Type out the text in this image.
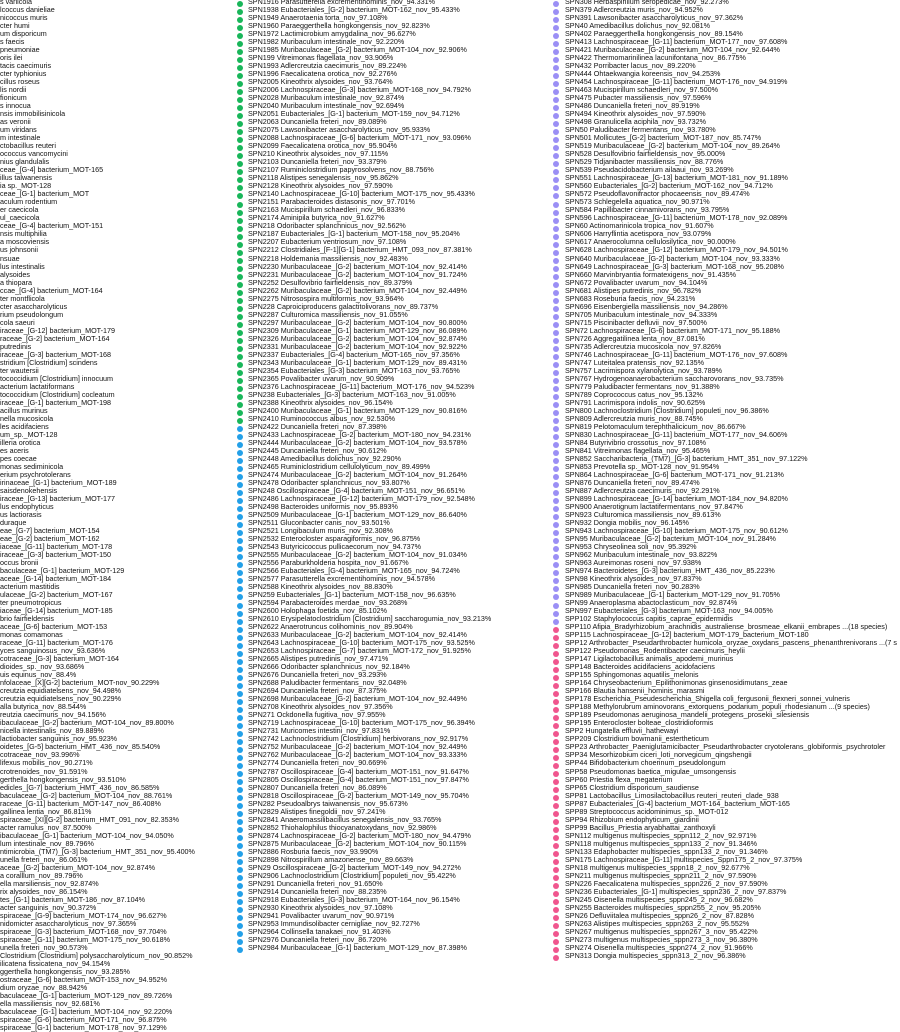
s variicola
lcoccus danieliae
nicoccus muris
cter humi
um disporicum
s faecis
pneumoniae
oris ilei
tacis caecimuris
cter typhionius
cillus roseus
lis nordii
fionicum
s innocua
nsis immobilisinicola
as veronii
um viridans
m intestinale
ctobacillus reuteri
ococcus vancomycini
nius glandulalis
ceae_[G-4] bacterium_MOT-165
illus talwanensis
ia sp._MOT-128
ceae_[G-1] bacterium_MOT
aculum rodentium
er caecicola
ul_caecicola
ceae_[G-4] bacterium_MOT-151
nsis multiphilia
a moscoviensis
us johnsonii
nsuae
lus intestinalis
alysoides
a thiopara
ccae_[G-4] bacterium_MOT-164
ter montflicola
cter asaccharolyticus
rium pseudolongum
cola saeuri
iraceae_[G-12] bacterium_MOT-179
raceae_[G-2] bacterium_MOT-164
putredinis
iraceae_[G-3] bacterium_MOT-168
stridium [Clostridium] scindens
ter wautersii
tococcidium [Clostridium] innocuum
acterium lactatiformans
tococcidium [Clostridium] cocleatum
iraceae_[G-1] bacterium_MOT-198
acillus murinus
nella mucosicola
les acidifaciens
um_sp._MOT-128
illeria orotica
es aceris
pes coecae
monas sediminicola
erium psychrotolerans
irinaceae_[G-1] bacterium_MOT-189
saisdenokehensis
iraceae_[G-13] bacterium_MOT-177
lus endophyticus
us lactiorasis
duraque
eae_[G-7] bacterium_MOT-154
eae_[G-2] bacterium_MOT-162
iaceae_[G-11] bacterium_MOT-178
iraceae_[G-3] bacterium_MOT-150
occus bronii
baculaceae_[G-1] bacterium_MOT-129
aceae_[G-14] bacterium_MOT-184
acterium mastitidis
ulaceae_[G-2] bacterium_MOT-167
ter pneumotropicus
iaceae_[G-14] bacterium_MOT-185
brio fairfieldensis
aceae_[G-6] bacterium_MOT-153
monas comamonas
raceae_[G-11] bacterium_MOT-176
yces sanguinosus_nov_93.636%
cotraceae_[G-3] bacterium_MOT-164
dioides_sp._nov_93.686%
uis equinus_nov_88.4%
nfolaceae_[X][G-2] bacterium_MOT-nov_90.229%
creutzia equidiatelsens_nov_94.498%
creutzia equidiatelsens_nov_90.229%
alla butyrica_nov_88.544%
reutzia caecimuris_nov_94.156%
ibaculaceae_[G-2] bacterium_MOT-104_nov_89.800%
nicella intestinalis_nov_89.889%
lactiobacter sanguinis_nov_95.923%
oidetes_[G-5] bacterium_HMT_436_nov_85.540%
cotraceae_nov_93.996%
lifexus mobilis_nov_90.271%
crotrenoides_nov_91.591%
gerthella hongkongensis_nov_93.510%
edicles_[G-7] bacterium_HMT_436_nov_86.585%
baculaceae_[G-2] bacterium_MOT-104_nov_88.761%
raceae_[G-11] bacterium_MOT-147_nov_86.408%
gallinea lentia_nov_86.811%
spiraceae_[XI][G-2] bacterium_HMT_091_nov_82.353%
acter ramulus_nov_87.500%
ibaculaceae_[G-1] bacterium_MOT-104_nov_94.050%
lum intestinale_nov_89.796%
ntimicrobia_(TM7)_[G-3] bacterium_HMT_351_nov_95.400%
unella freteri_nov_86.061%
aceae_[G-2] bacterium_MOT-104_nov_92.874%
a coralllum_nov_89.796%
ella marsiliensis_nov_92.874%
rix alysoides_nov_86.154%
tes_[G-1] bacterium_MOT-186_nov_87.104%
acter sanguinis_nov_90.372%
spiraceae_[G-9] bacterium_MOT-174_nov_96.627%
nidomicter asaccharolyticus_nov_97.365%
spiraceae_[G-3] bacterium_MOT-168_nov_97.704%
spiraceae_[G-11] bacterium_MOT-175_nov_90.618%
unella freteri_nov_90.573%
Clostridium [Clostridium] polysaccharolyticum_nov_90.852%
ilicatena fissicatena_nov_94.154%
ggerthella hongkongensis_nov_93.285%
ostraceae_[G-6] bacterium_MOT-153_nov_94.952%
dium oryzae_nov_88.942%
baculaceae_[G-1] bacterium_MOT-129_nov_89.726%
ella massiliensis_nov_92.681%
baculaceae_[G-1] bacterium_MOT-104_nov_92.220%
spiraceae_[G-6] bacterium_MOT-171_nov_96.875%
spiraceae_[G-1] bacterium_MOT-178_nov_97.129%
SPN1916 Parasutterella excrementihominis_nov_94.331%
SPN1938 Eubacteriales_[G-2] bacterium_MOT-162_nov_95.433%
SPN1949 Anaerotaenia torta_nov_97.108%
SPN1960 Paraeggerthella hongkongensis_nov_92.823%
SPN1972 Lactimicrobium amygdalina_nov_96.627%
SPN1982 Muribaculum intestinale_nov_92.220%
SPN1985 Muribaculaceae_[G-2] bacterium_MOT-104_nov_92.906%
SPN199 Vitreimonas flagellata_nov_93.906%
SPN1993 Adlercreutzia caecimuris_nov_89.224%
SPN1996 Faecalicatena orotica_nov_92.276%
SPN2005 Kineothrix alysoides_nov_93.764%
SPN2006 Lachnospiraceae_[G-3] bacterium_MOT-168_nov_94.792%
SPN2028 Muribaculum intestinale_nov_92.874%
SPN2040 Muribaculum intestinale_nov_92.694%
SPN2051 Eubacteriales_[G-1] bacterium_MOT-159_nov_94.712%
SPN2063 Duncaniella freteri_nov_89.089%
SPN2075 Lawsonibacter asaccharolyticus_nov_95.933%
SPN2088 Lachnospiraceae_[G-6] bacterium_MOT-171_nov_93.096%
SPN2099 Faecalicatena orotica_nov_95.904%
SPN210 Kineothrix alysoides_nov_97.115%
SPN2103 Duncaniella freteri_nov_93.379%
SPN2107 Ruminiclostridium papyrosolvens_nov_88.756%
SPN2118 Alistipes senegalensis_nov_95.862%
SPN2128 Kineothrix alysoides_nov_97.590%
SPN2140 Lachnospiraceae_[G-10] bacterium_MOT-175_nov_95.433%
SPN2151 Parabacteroides distasonis_nov_97.701%
SPN2163 Mucispirillum schaedleri_nov_96.833%
SPN2174 Aminipila butyrica_nov_91.627%
SPN218 Odoribacter splanchnicus_nov_92.562%
SPN2187 Eubacteriales_[G-1] bacterium_MOT-158_nov_95.204%
SPN2207 Eubacterium ventriosum_nov_97.108%
SPN2212 Clostridiales_[F-1][G-1] bacterium_HMT_093_nov_87.381%
SPN2218 Holdemania massiliensis_nov_92.483%
SPN2230 Muribaculaceae_[G-2] bacterium_MOT-104_nov_92.414%
SPN2231 Muribaculaceae_[G-2] bacterium_MOT-104_nov_91.724%
SPN2252 Desulfovibrio fairfieldensis_nov_89.379%
SPN2262 Muribaculaceae_[G-2] bacterium_MOT-104_nov_92.449%
SPN2275 Nitrosospira multiformis_nov_93.964%
SPN228 Caproiciproducens galactitolivorans_nov_89.737%
SPN2287 Culturomica massiliensis_nov_91.055%
SPN2297 Muribaculaceae_[G-2] bacterium_MOT-104_nov_90.800%
SPN2309 Muribaculaceae_[G-1] bacterium_MOT-129_nov_86.089%
SPN2326 Muribaculaceae_[G-2] bacterium_MOT-104_nov_92.874%
SPN2331 Muribaculaceae_[G-2] bacterium_MOT-104_nov_92.922%
SPN2337 Eubacteriales_[G-4] bacterium_MOT-165_nov_97.356%
SPN2343 Muribaculaceae_[G-1] bacterium_MOT-129_nov_89.431%
SPN2354 Eubacteriales_[G-3] bacterium_MOT-163_nov_93.765%
SPN2365 Povalibacter uvarum_nov_90.909%
SPN2376 Lachnospiraceae_[G-11] bacterium_MOT-176_nov_94.523%
SPN238 Eubacteriales_[G-3] bacterium_MOT-163_nov_91.005%
SPN2388 Kineothrix alysoides_nov_96.154%
SPN2400 Muribaculaceae_[G-1] bacterium_MOT-129_nov_90.816%
SPN2410 Ruminococcus albus_nov_92.530%
SPN2422 Duncaniella freteri_nov_87.398%
SPN2433 Lachnospiraceae_[G-2] bacterium_MOT-180_nov_94.231%
SPN2444 Muribaculaceae_[G-2] bacterium_MOT-104_nov_93.578%
SPN2445 Duncaniella freteri_nov_90.612%
SPN2448 Amedibacillus dolichus_nov_92.290%
SPN2465 Ruminiclostridium cellulolyticum_nov_89.499%
SPN2474 Muribaculaceae_[G-2] bacterium_MOT-104_nov_91.264%
SPN2478 Odoribacter splanchnicus_nov_93.807%
SPN248 Oscillospiraceae_[G-4] bacterium_MOT-151_nov_96.651%
SPN2486 Lachnospiraceae_[G-12] bacterium_MOT-179_nov_92.548%
SPN2498 Bacteroides uniformis_nov_95.893%
SPN2509 Muribaculaceae_[G-1] bacterium_MOT-129_nov_86.640%
SPN2511 Gluconbacter canis_nov_93.501%
SPN2521 Longibaculum muris_nov_92.308%
SPN2532 Enterocloster asparagiformis_nov_96.875%
SPN2543 Butyricicoccus pullicaecorum_nov_94.737%
SPN2555 Muribaculaceae_[G-2] bacterium_MOT-104_nov_91.034%
SPN2556 Paraburkholderia hospita_nov_91.667%
SPN2566 Eubacteriales_[G-4] bacterium_MOT-165_nov_94.724%
SPN2577 Parasutterella excrementihominis_nov_94.578%
SPN2588 Kineothrix alysoides_nov_88.830%
SPN259 Eubacteriales_[G-1] bacterium_MOT-158_nov_96.635%
SPN2594 Parabacteroides merdae_nov_93.268%
SPN2600 Holophaga foetida_nov_85.102%
SPN2610 Erysipelatoclostridium [Clostridium] saccharogumia_nov_93.213%
SPN2622 Anaerotruncus colihominis_nov_89.904%
SPN2633 Muribaculaceae_[G-2] bacterium_MOT-104_nov_92.414%
SPN2643 Lachnospiraceae_[G-10] bacterium_MOT-175_nov_93.525%
SPN2653 Lachnospiraceae_[G-7] bacterium_MOT-172_nov_91.925%
SPN2665 Alistipes putredinis_nov_97.471%
SPN2666 Odoribacter splanchnicus_nov_92.184%
SPN2676 Duncaniella freteri_nov_93.293%
SPN2688 Paludibacter fermentans_nov_92.048%
SPN2694 Duncaniella freteri_nov_87.375%
SPN2698 Muribaculaceae_[G-2] bacterium_MOT-104_nov_92.449%
SPN2708 Kineothrix alysoides_nov_97.356%
SPN271 Ockdonella fugitiva_nov_97.955%
SPN2719 Lachnospiraceae_[G-10] bacterium_MOT-175_nov_96.394%
SPN2731 Muricomes intestini_nov_97.831%
SPN2742 Lachnoclostridium [Clostridium] herbivorans_nov_92.917%
SPN2752 Muribaculaceae_[G-2] bacterium_MOT-104_nov_92.449%
SPN2762 Muribaculaceae_[G-2] bacterium_MOT-104_nov_93.333%
SPN2774 Duncaniella freteri_nov_90.669%
SPN2787 Oscillospiraceae_[G-4] bacterium_MOT-151_nov_91.647%
SPN2805 Oscillospiraceae_[G-4] bacterium_MOT-151_nov_97.847%
SPN2807 Duncaniella freteri_nov_86.089%
SPN2818 Oscillospiraceae_[G-2] bacterium_MOT-149_nov_95.704%
SPN282 Pseudoalbrys taiwanensis_nov_95.673%
SPN2829 Alistipes finegoldii_nov_97.241%
SPN2841 Anaeromassilibacillus senegalensis_nov_93.765%
SPN2852 Thiohalophilus thiocyanatoxydans_nov_92.986%
SPN2874 Lachnospiraceae_[G-2] bacterium_MOT-180_nov_94.479%
SPN2875 Muribaculaceae_[G-2] bacterium_MOT-104_nov_90.115%
SPN2886 Rosburia faecis_nov_93.990%
SPN2898 Nitrospirillum amazonense_nov_89.663%
SPN29 Oscillospiraceae_[G-2] bacterium_MOT-149_nov_94.272%
SPN2906 Lachnoclostridium [Clostridium] populeti_nov_95.422%
SPN291 Duncaniella freteri_nov_91.650%
SPN2914 Duncaniella freteri_nov_88.235%
SPN2918 Eubacteriales_[G-3] bacterium_MOT-164_nov_96.154%
SPN2930 Kineothrix alysoides_nov_97.108%
SPN2941 Povalibacter uvarum_nov_90.971%
SPN2953 Immundisolibacter cernigliae_nov_92.727%
SPN2964 Collinsella tanakaei_nov_91.403%
SPN2976 Duncaniella freteri_nov_86.720%
SPN2984 Muribaculaceae_[G-1] bacterium_MOT-129_nov_87.398%
SPN308 Herbaspirillum seropedicae_nov_92.273%
SPN379 Adlercreutzia muris_nov_94.952%
SPN391 Lawsonibacter asaccharolyticus_nov_97.362%
SPN40 Amedibacillus dolichus_nov_92.081%
SPN402 Paraeggerthella hongkongensis_nov_89.154%
SPN413 Lachnospiraceae_[G-11] bacterium_MOT-177_nov_97.608%
SPN421 Muribaculaceae_[G-2] bacterium_MOT-104_nov_92.644%
SPN422 Thermomarinilinea lacunifontana_nov_86.775%
SPN432 Porribacter lacus_nov_89.220%
SPN444 Ohtaekwangia koreensis_nov_94.253%
SPN454 Lachnospiraceae_[G-11] bacterium_MOT-176_nov_94.919%
SPN463 Mucispirillum schaedleri_nov_97.500%
SPN475 Pubacter massiliensis_nov_97.596%
SPN486 Duncaniella freteri_nov_89.919%
SPN494 Kineothrix alysoides_nov_97.590%
SPN498 Granulicella aciphila_nov_93.732%
SPN50 Paludibacter fermentans_nov_93.780%
SPN501 Mollicutes_[G-2] bacterium_MOT-187_nov_85.747%
SPN519 Muribaculaceae_[G-2] bacterium_MOT-104_nov_89.264%
SPN528 Desulfovibrio fairfieldensis_nov_95.000%
SPN529 Tidjanibacter massiliensis_nov_88.776%
SPN539 Pseudacidobacterium ailaaui_nov_93.269%
SPN551 Lachnospiraceae_[G-13] bacterium_MOT-181_nov_91.189%
SPN560 Eubacteriales_[G-2] bacterium_MOT-162_nov_94.712%
SPN572 Pseudoflavonifractor phocaeensis_nov_89.474%
SPN573 Schlegelella aquatica_nov_90.971%
SPN584 Papillibacter cinnamivorans_nov_93.795%
SPN596 Lachnospiraceae_[G-11] bacterium_MOT-178_nov_92.089%
SPN60 Actinomarinicola tropica_nov_91.607%
SPN606 Harryflintia acetispora_nov_93.079%
SPN617 Anaerocolumna cellulosilytica_nov_90.000%
SPN628 Lachnospiraceae_[G-12] bacterium_MOT-179_nov_94.501%
SPN640 Muribaculaceae_[G-2] bacterium_MOT-104_nov_93.333%
SPN649 Lachnospiraceae_[G-3] bacterium_MOT-168_nov_95.208%
SPN660 Marvinbryantia formatexigens_nov_91.435%
SPN672 Povalibacter uvarum_nov_94.104%
SPN681 Alistipes putredinis_nov_96.782%
SPN683 Roseburia faecis_nov_94.231%
SPN696 Eisenbergiella massiliensis_nov_94.286%
SPN705 Muribaculum intestinale_nov_94.333%
SPN715 Piscinibacter defluvii_nov_97.500%
SPN72 Lachnospiraceae_[G-6] bacterium_MOT-171_nov_95.188%
SPN726 Aggregatilinea lenta_nov_87.081%
SPN735 Adlercreutzia mucosicola_nov_97.826%
SPN746 Lachnospiraceae_[G-11] bacterium_MOT-176_nov_97.608%
SPN747 Luteitalea pratensis_nov_92.135%
SPN757 Lacrimispora xylanolytica_nov_93.789%
SPN767 Hydrogenoanaerobacterium saccharovorans_nov_93.735%
SPN779 Paludibacter fermentans_nov_91.388%
SPN789 Coprococcus catus_nov_95.132%
SPN791 Lacrimispora indolis_nov_90.625%
SPN800 Lachnoclostridium [Clostridium] populeti_nov_96.386%
SPN809 Adlercreutzia muris_nov_88.745%
SPN819 Pelotomaculum terephthalicicum_nov_86.667%
SPN830 Lachnospiraceae_[G-11] bacterium_MOT-177_nov_94.606%
SPN84 Butyrivibrio crossotus_nov_97.108%
SPN841 Vitreimonas flagellata_nov_95.465%
SPN852 Saccharibacteria_(TM7)_[G-3] bacterium_HMT_351_nov_97.122%
SPN853 Prevotella sp._MOT-128_nov_91.954%
SPN864 Lachnospiraceae_[G-6] bacterium_MOT-171_nov_91.213%
SPN876 Duncaniella freteri_nov_89.474%
SPN887 Adlercreutzia caecimuris_nov_92.291%
SPN899 Lachnospiraceae_[G-14] bacterium_MOT-184_nov_94.820%
SPN900 Anaerotignum lactatifermentans_nov_97.847%
SPN923 Culturomica massiliensis_nov_89.613%
SPN932 Dongia mobilis_nov_96.145%
SPN943 Lachnospiraceae_[G-10] bacterium_MOT-175_nov_90.612%
SPN95 Muribaculaceae_[G-2] bacterium_MOT-104_nov_91.284%
SPN953 Chryseolinea soli_nov_95.392%
SPN962 Muribaculum intestinale_nov_93.822%
SPN963 Aureimonas roseni_nov_97.938%
SPN974 Bacteroidetes_[G-3] bacterium_HMT_436_nov_85.223%
SPN98 Kineothrix alysoides_nov_97.837%
SPN985 Duncaniella freteri_nov_90.283%
SPN989 Muribaculaceae_[G-1] bacterium_MOT-129_nov_91.705%
SPN99 Anaeroplasma abactoclasticum_nov_92.874%
SPN997 Eubacteriales_[G-3] bacterium_MOT-163_nov_94.005%
SPP102 Staphylococcus capitis_caprae_epidermidis
SPP110 Afipia_Bradyrhizobium_arachnidis_australiense_brosmeae_elkanii_embrapes ...(18 species)
SPP115 Lachnospiraceae_[G-12] bacterium_MOT-179_bacterium_MOT-180
SPP12 Arthrobacter_Pseudarthrobacter humicola_oryzae_oxydans_pascens_phenanthrenivorans ...(7 s
SPP122 Pseudomonas_Rodentibacter caecimuris_heylii
SPP147 Ligilactobacillus animalis_apodemi_murinus
SPP148 Bacteroides acidifaciens_acidofaciens
SPP155 Sphingomonas aquatilis_melonis
SPP164 Chryseobacterium_Epilithonimonas ginsenosidimutans_zeae
SPP166 Blautia hansenii_hominis_marasmi
SPP178 Escherichia_Pseudescherichia_Shigella coli_fergusonii_flexneri_sonnei_vulneris
SPP188 Methylorubrum aminovorans_extorquens_podarium_populi_rhodesianum ...(9 species)
SPP189 Pseudomonas aeruginosa_mandelii_protegens_prosekii_silesiensis
SPP195 Enterocloster bolteae_clostridioformis
SPP2 Hungatella effluvii_hathewayi
SPP209 Clostridium bowmanii_estertheticum
SPP23 Arthrobacter_Paeniglutamicibacter_Pseudarthrobacter cryotolerans_globiformis_psychrotoler
SPP34 Mesorhizobium ciceri_loti_norvegicum_qingshengii
SPP44 Bifidobacterium choerinum_pseudolongum
SPP58 Pseudomonas baetica_migulae_umsongensis
SPP60 Priestia flexa_megaterium
SPP65 Clostridium disporicum_saudiense
SPP81 Lactobacillus_Limosilactobacillus reuteri_reuteri_clade_938
SPP87 Eubacteriales_[G-4] bacterium_MOT-164_bacterium_MOT-165
SPP89 Streptococcus acidominimus_sp._MOT-012
SPP94 Rhizobium endophyticum_giardinii
SPP99 Bacillus_Priestia aryabhattai_zanthoxyli
SPN112 multigenus multispecies_sppn112_2_nov_92.971%
SPN118 multigenus multispecies_sppn133_2_nov_91.346%
SPN133 Edaphobacter multispecies_sppn133_2_nov_91.346%
SPN175 Lachnospiraceae_[G-11] multispecies_Sppn175_2_nov_97.375%
SPN18 multigenus multispecies_sppn18_2_nov_92.677%
SPN211 multigenus multispecies_sppn211_2_nov_97.590%
SPN226 Faecalicatena multispecies_sppn226_2_nov_97.590%
SPN236 Eubacteriales_[G-1] multispecies_sppn236_2_nov_97.837%
SPN245 Oisenella multispecies_sppn245_2_nov_96.682%
SPN255 Bacteroides multispecies_sppn255_2_nov_95.205%
SPN26 Defluviitalea multispecies_sppn26_2_nov_87.828%
SPN263 Alistipes multispecies_sppn263_2_nov_95.552%
SPN267 multigenus multispecies_sppn267_3_nov_95.422%
SPN273 multigenus multispecies_sppn273_3_nov_96.380%
SPN274 Oisenella multispecies_sppn274_2_nov_91.966%
SPN313 Dongia multispecies_sppn313_2_nov_96.386%
